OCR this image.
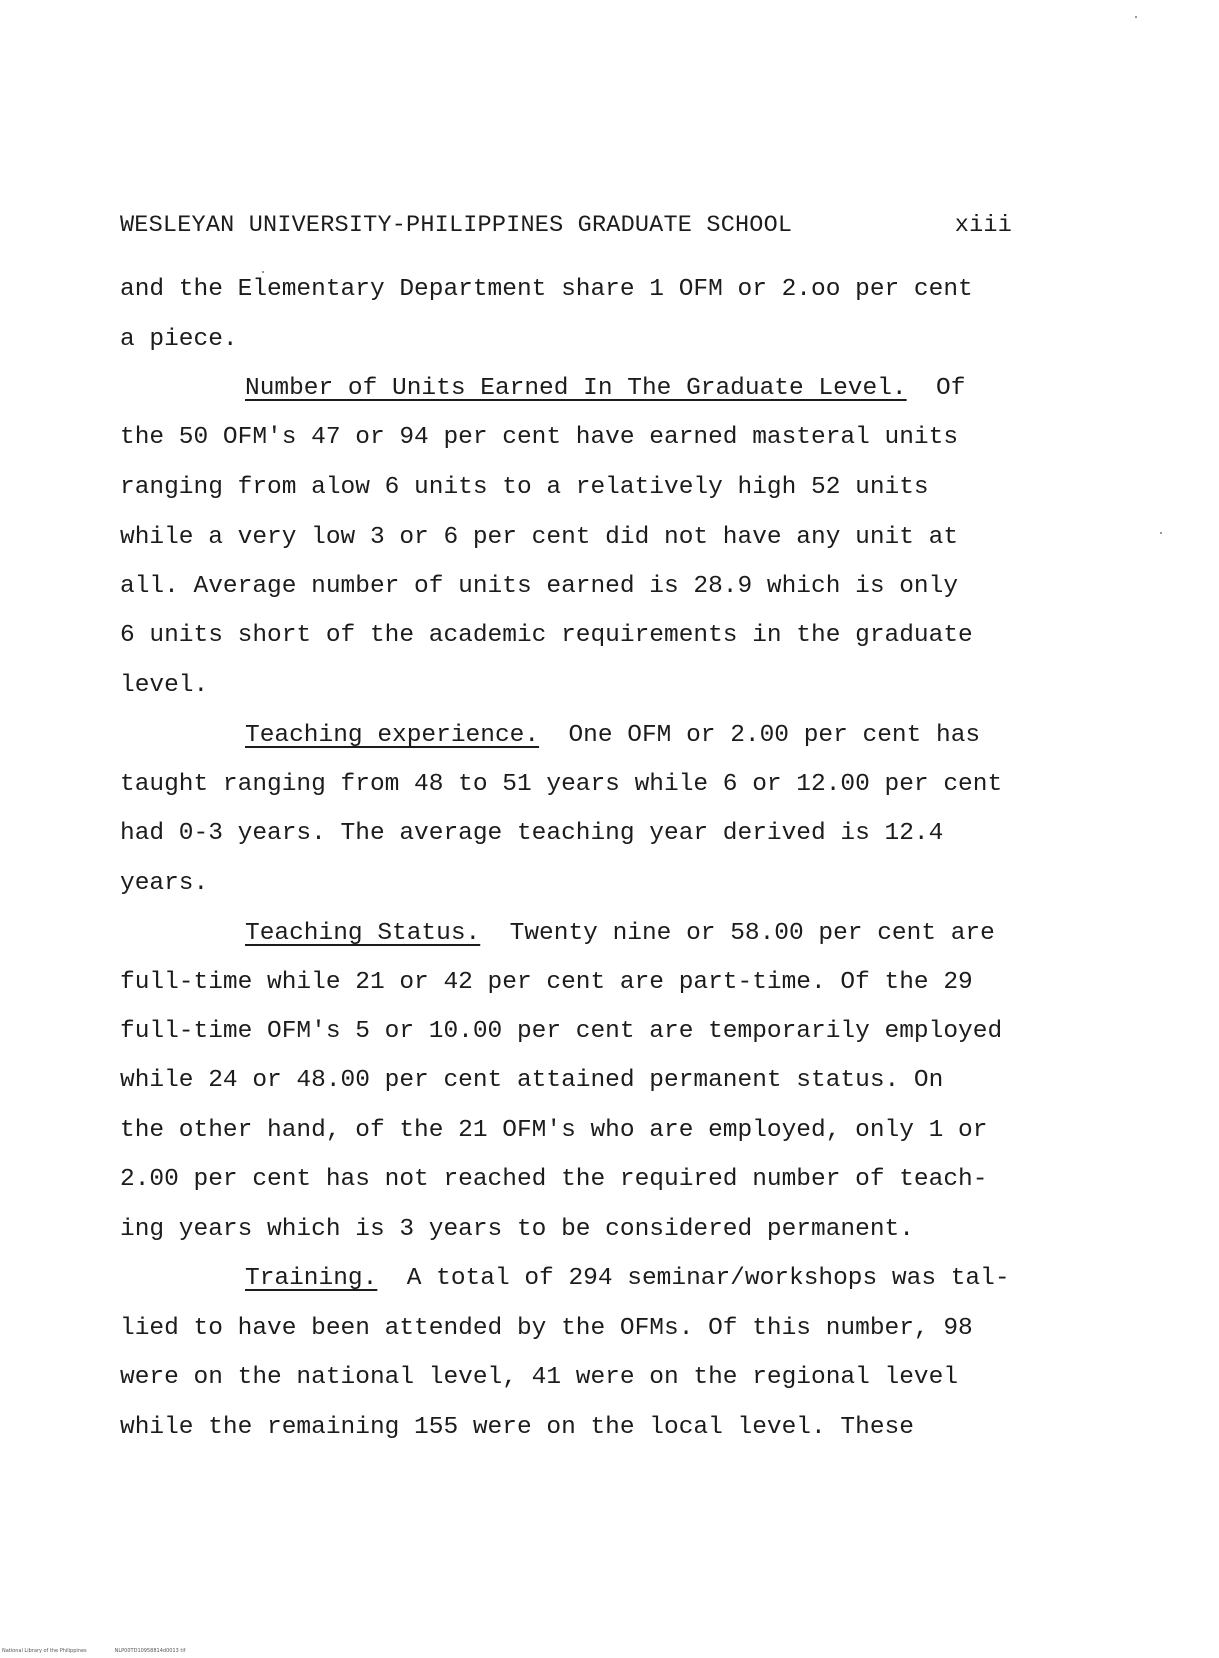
WESLEYAN UNIVERSITY-PHILIPPINES GRADUATE SCHOOL	xiii
and the Elementary Department share 1 OFM or 2.oo per cent
a piece.
Number of Units Earned In The Graduate Level. Of
the 50 OFM's 47 or 94 per cent have earned masteral units
ranging from alow 6 units to a relatively high 52 units
while a very low 3 or 6 per cent did not have any unit at
all. Average number of units earned is 28.9 which is only
6 units short of the academic requirements in the graduate
level.
Teaching experience. One OFM or 2.00 per cent has
taught ranging from 48 to 51 years while 6 or 12.00 per cent
had 0-3 years. The average teaching year derived is 12.4
years.
Teaching Status. Twenty nine or 58.00 per cent are
full-time while 21 or 42 per cent are part-time. Of the 29
full-time OFM's 5 or 10.00 per cent are temporarily employed
while 24 or 48.00 per cent attained permanent status. On
the other hand, of the 21 OFM's who are employed, only 1 or
2.00 per cent has not reached the required number of teach-
ing years which is 3 years to be considered permanent.
Training. A total of 294 seminar/workshops was tal-
lied to have been attended by the OFMs. Of this number, 98
were on the national level, 41 were on the regional level
while the remaining 155 were on the local level. These
National Library of the Philippines	NLP00TD10958814d0013 tif
